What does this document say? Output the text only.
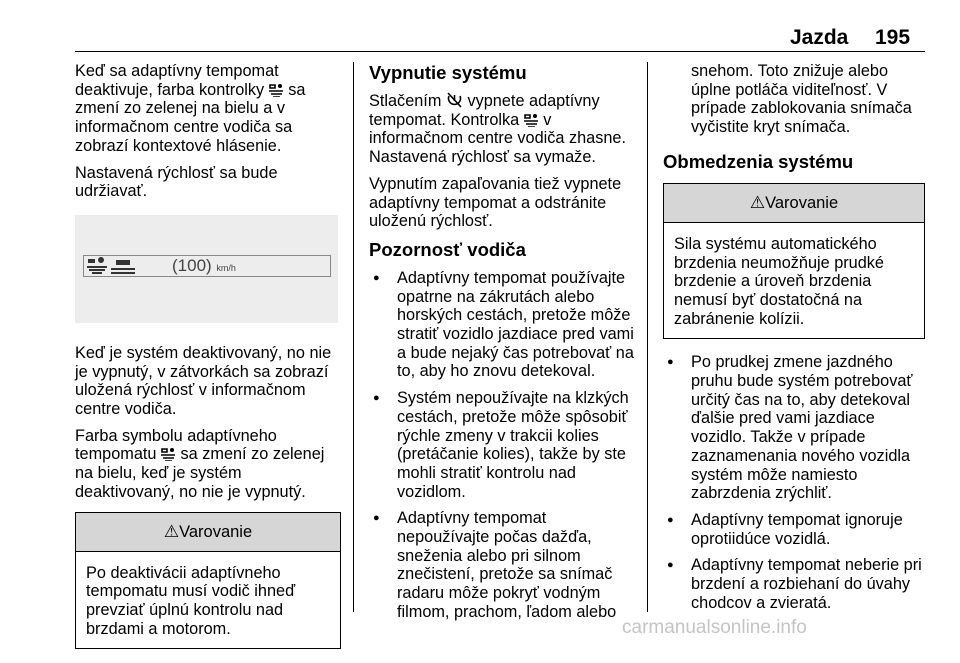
Jazda 195

Keď sa adaptívny tempomat deaktivuje, farba kontrolky sa zmení zo zelenej na bielu a v informačnom centre vodiča sa zobrazí kontextové hlásenie.

Nastavená rýchlosť sa bude udržiavať.

(100) km/h

Keď je systém deaktivovaný, no nie je vypnutý, v zátvorkách sa zobrazí uložená rýchlosť v informačnom centre vodiča.

Farba symbolu adaptívneho tempomatu sa zmení zo zelenej na bielu, keď je systém deaktivovaný, no nie je vypnutý.

⚠Varovanie
Po deaktivácii adaptívneho tempomatu musí vodič ihneď prevziať úplnú kontrolu nad brzdami a motorom.
Vypnutie systému

Stlačením vypnete adaptívny tempomat. Kontrolka v informačnom centre vodiča zhasne. Nastavená rýchlosť sa vymaže.

Vypnutím zapaľovania tiež vypnete adaptívny tempomat a odstránite uloženú rýchlosť.

Pozornosť vodiča
● Adaptívny tempomat používajte opatrne na zákrutách alebo horských cestách, pretože môže stratiť vozidlo jazdiace pred vami a bude nejaký čas potrebovať na to, aby ho znovu detekoval.
● Systém nepoužívajte na klzkých cestách, pretože môže spôsobiť rýchle zmeny v trakcii kolies (pretáčanie kolies), takže by ste mohli stratiť kontrolu nad vozidlom.
● Adaptívny tempomat nepoužívajte počas dažďa, sneženia alebo pri silnom znečistení, pretože sa snímač radaru môže pokryť vodným filmom, prachom, ľadom alebo

snehom. Toto znižuje alebo úplne potláča viditeľnosť. V prípade zablokovania snímača vyčistite kryt snímača.

Obmedzenia systému
⚠Varovanie
Sila systému automatického brzdenia neumožňuje prudké brzdenie a úroveň brzdenia nemusí byť dostatočná na zabránenie kolízii.
● Po prudkej zmene jazdného pruhu bude systém potrebovať určitý čas na to, aby detekoval ďalšie pred vami jazdiace vozidlo. Takže v prípade zaznamenania nového vozidla systém môže namiesto zabrzdenia zrýchliť.
● Adaptívny tempomat ignoruje oprotiidúce vozidlá.
● Adaptívny tempomat neberie pri brzdení a rozbiehaní do úvahy chodcov a zvieratá.
carmanualsonline.info
